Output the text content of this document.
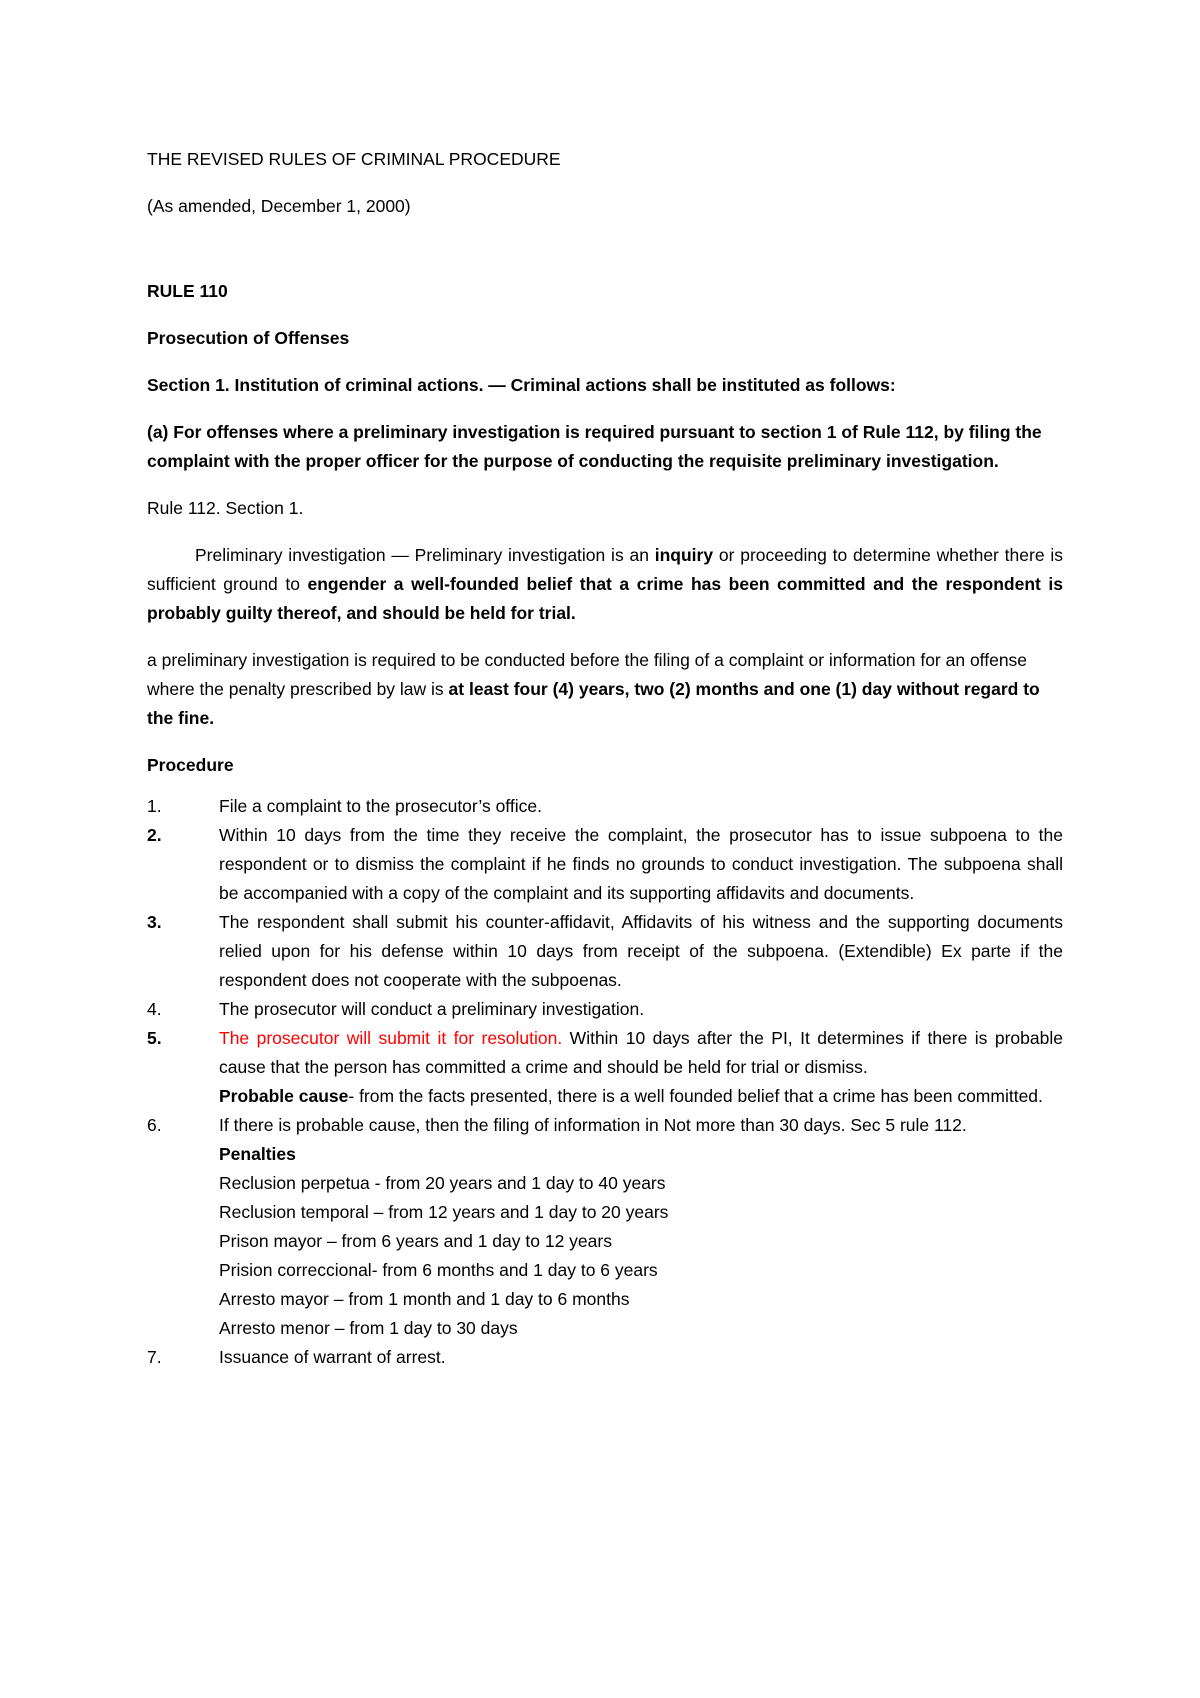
THE REVISED RULES OF CRIMINAL PROCEDURE

(As amended, December 1, 2000)

RULE 110

Prosecution of Offenses

Section 1. Institution of criminal actions. — Criminal actions shall be instituted as follows:

(a) For offenses where a preliminary investigation is required pursuant to section 1 of Rule 112, by filing the complaint with the proper officer for the purpose of conducting the requisite preliminary investigation.

Rule 112. Section 1.

Preliminary investigation — Preliminary investigation is an inquiry or proceeding to determine whether there is sufficient ground to engender a well-founded belief that a crime has been committed and the respondent is probably guilty thereof, and should be held for trial.

a preliminary investigation is required to be conducted before the filing of a complaint or information for an offense where the penalty prescribed by law is at least four (4) years, two (2) months and one (1) day without regard to the fine.

Procedure

1.	File a complaint to the prosecutor’s office.
2.	Within 10 days from the time they receive the complaint, the prosecutor has to issue subpoena to the respondent or to dismiss the complaint if he finds no grounds to conduct investigation. The subpoena shall be accompanied with a copy of the complaint and its supporting affidavits and documents.
3.	The respondent shall submit his counter-affidavit, Affidavits of his witness and the supporting documents relied upon for his defense within 10 days from receipt of the subpoena. (Extendible) Ex parte if the respondent does not cooperate with the subpoenas.
4.	The prosecutor will conduct a preliminary investigation.
5.	The prosecutor will submit it for resolution. Within 10 days after the PI, It determines if there is probable cause that the person has committed a crime and should be held for trial or dismiss.
Probable cause- from the facts presented, there is a well founded belief that a crime has been committed.
6.	If there is probable cause, then the filing of information in Not more than 30 days. Sec 5 rule 112.
Penalties
Reclusion perpetua - from 20 years and 1 day to 40 years
Reclusion temporal – from 12 years and 1 day to 20 years
Prison mayor – from 6 years and 1 day to 12 years
Prision correccional- from 6 months and 1 day to 6 years
Arresto mayor – from 1 month and 1 day to 6 months
Arresto menor – from 1 day to 30 days
7.	Issuance of warrant of arrest.
